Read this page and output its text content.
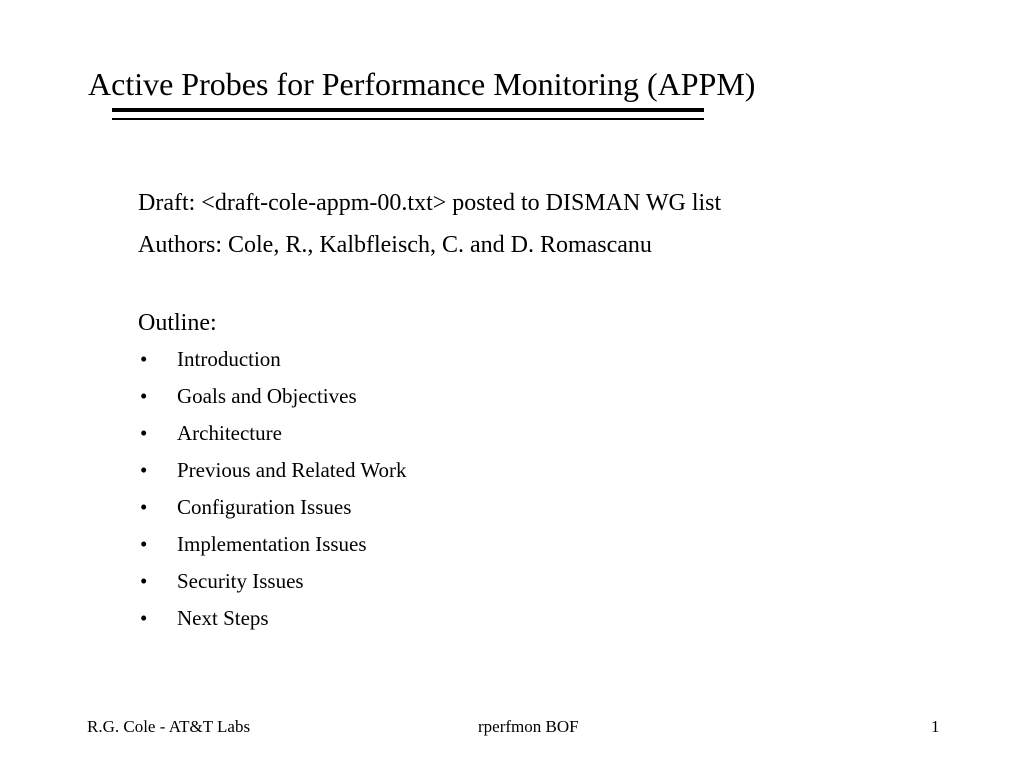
Active Probes for Performance Monitoring (APPM)
Draft: <draft-cole-appm-00.txt> posted to DISMAN WG list
Authors: Cole, R., Kalbfleisch, C. and D. Romascanu
Outline:
• Introduction
• Goals and Objectives
• Architecture
• Previous and Related Work
• Configuration Issues
• Implementation Issues
• Security Issues
• Next Steps
R.G. Cole - AT&T Labs	rperfmon BOF	1
